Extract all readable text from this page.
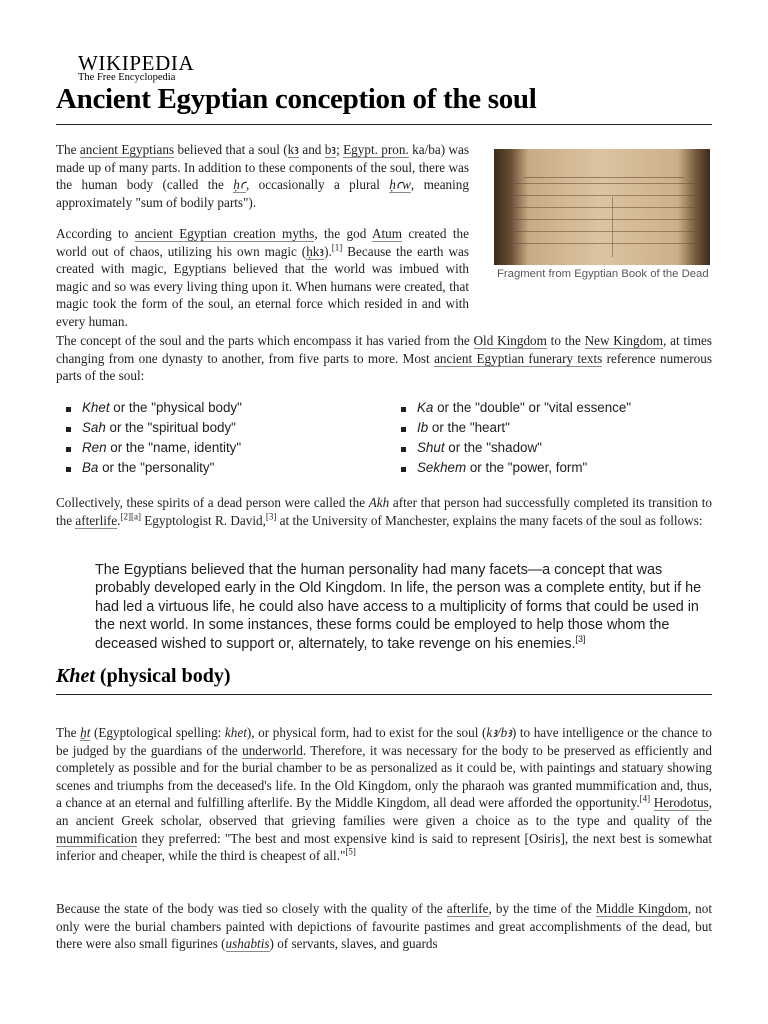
WIKIPEDIA
The Free Encyclopedia
Ancient Egyptian conception of the soul

The ancient Egyptians believed that a soul (kꜣ and bꜣ; Egypt. pron. ka/ba) was made up of many parts. In addition to these components of the soul, there was the human body (called the ḥꜥ, occasionally a plural ḥꜥw, meaning approximately "sum of bodily parts").

According to ancient Egyptian creation myths, the god Atum created the world out of chaos, utilizing his own magic (ḥkꜣ).[1] Because the earth was created with magic, Egyptians believed that the world was imbued with magic and so was every living thing upon it. When humans were created, that magic took the form of the soul, an eternal force which resided in and with every human.

Fragment from Egyptian Book of the Dead

The concept of the soul and the parts which encompass it has varied from the Old Kingdom to the New Kingdom, at times changing from one dynasty to another, from five parts to more. Most ancient Egyptian funerary texts reference numerous parts of the soul:

Khet or the "physical body"
Sah or the "spiritual body"
Ren or the "name, identity"
Ba or the "personality"
Ka or the "double" or "vital essence"
Ib or the "heart"
Shut or the "shadow"
Sekhem or the "power, form"

Collectively, these spirits of a dead person were called the Akh after that person had successfully completed its transition to the afterlife.[2][a] Egyptologist R. David,[3] at the University of Manchester, explains the many facets of the soul as follows:

The Egyptians believed that the human personality had many facets—a concept that was probably developed early in the Old Kingdom. In life, the person was a complete entity, but if he had led a virtuous life, he could also have access to a multiplicity of forms that could be used in the next world. In some instances, these forms could be employed to help those whom the deceased wished to support or, alternately, to take revenge on his enemies.[3]

Khet (physical body)

The ẖt (Egyptological spelling: khet), or physical form, had to exist for the soul (kꜣ/bꜣ) to have intelligence or the chance to be judged by the guardians of the underworld. Therefore, it was necessary for the body to be preserved as efficiently and completely as possible and for the burial chamber to be as personalized as it could be, with paintings and statuary showing scenes and triumphs from the deceased's life. In the Old Kingdom, only the pharaoh was granted mummification and, thus, a chance at an eternal and fulfilling afterlife. By the Middle Kingdom, all dead were afforded the opportunity.[4] Herodotus, an ancient Greek scholar, observed that grieving families were given a choice as to the type and quality of the mummification they preferred: "The best and most expensive kind is said to represent [Osiris], the next best is somewhat inferior and cheaper, while the third is cheapest of all."[5]

Because the state of the body was tied so closely with the quality of the afterlife, by the time of the Middle Kingdom, not only were the burial chambers painted with depictions of favourite pastimes and great accomplishments of the dead, but there were also small figurines (ushabtis) of servants, slaves, and guards
